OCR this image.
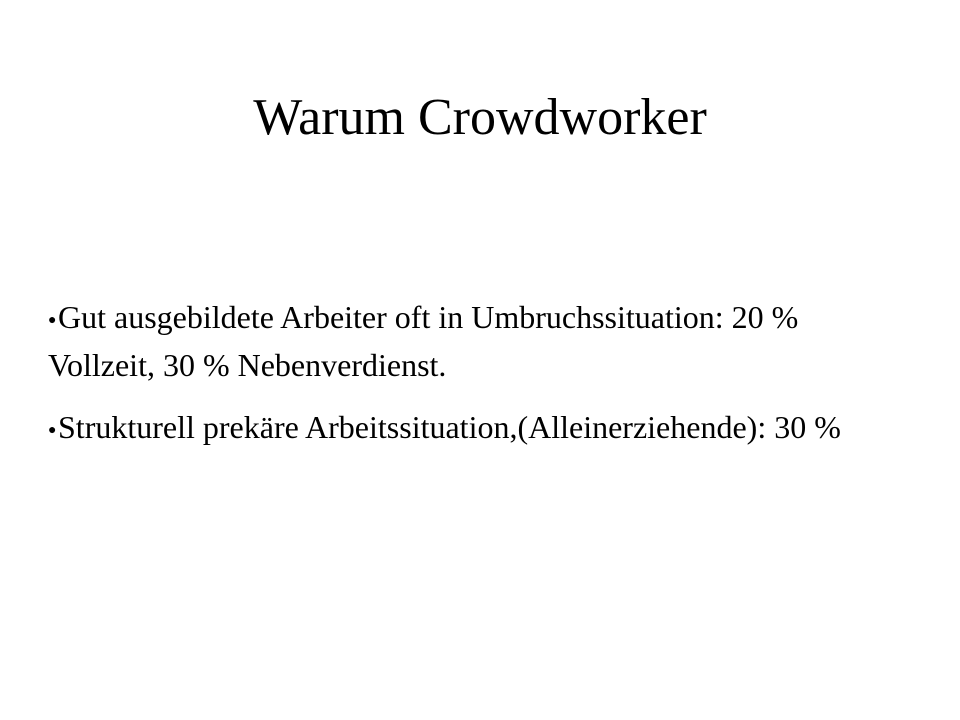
Warum Crowdworker
●Gut ausgebildete Arbeiter oft in Umbruchssituation: 20 % Vollzeit, 30 % Nebenverdienst.
●Strukturell prekäre Arbeitssituation,(Alleinerziehende): 30 %
